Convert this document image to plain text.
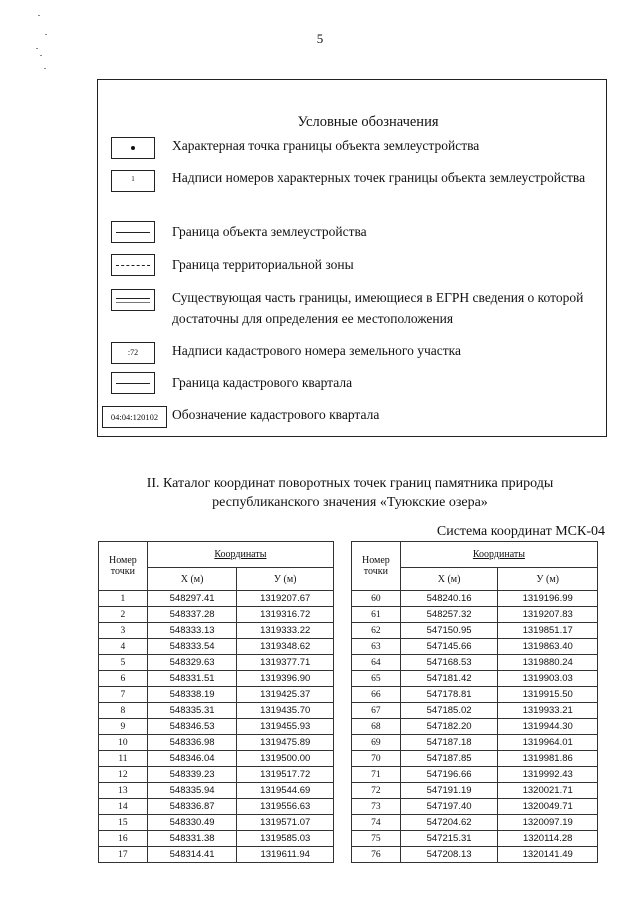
5
Условные обозначения
Характерная точка границы объекта землеустройства
1	Надписи номеров характерных точек границы объекта землеустройства
Граница объекта землеустройства
Граница территориальной зоны
Существующая часть границы, имеющиеся в ЕГРН сведения о которой достаточны для определения ее местоположения
:72	Надписи кадастрового номера земельного участка
Граница кадастрового квартала
04:04:120102	Обозначение кадастрового квартала
II. Каталог координат поворотных точек границ памятника природы
республиканского значения «Туюкские озера»
Система координат МСК-04
Номер точки	Координаты	
	X (м)	У (м)
1	548297.41	1319207.67
2	548337.28	1319316.72
3	548333.13	1319333.22
4	548333.54	1319348.62
5	548329.63	1319377.71
6	548331.51	1319396.90
7	548338.19	1319425.37
8	548335.31	1319435.70
9	548346.53	1319455.93
10	548336.98	1319475.89
11	548346.04	1319500.00
12	548339.23	1319517.72
13	548335.94	1319544.69
14	548336.87	1319556.63
15	548330.49	1319571.07
16	548331.38	1319585.03
17	548314.41	1319611.94
Номер точки	Координаты	
	X (м)	У (м)
60	548240.16	1319196.99
61	548257.32	1319207.83
62	547150.95	1319851.17
63	547145.66	1319863.40
64	547168.53	1319880.24
65	547181.42	1319903.03
66	547178.81	1319915.50
67	547185.02	1319933.21
68	547182.20	1319944.30
69	547187.18	1319964.01
70	547187.85	1319981.86
71	547196.66	1319992.43
72	547191.19	1320021.71
73	547197.40	1320049.71
74	547204.62	1320097.19
75	547215.31	1320114.28
76	547208.13	1320141.49
